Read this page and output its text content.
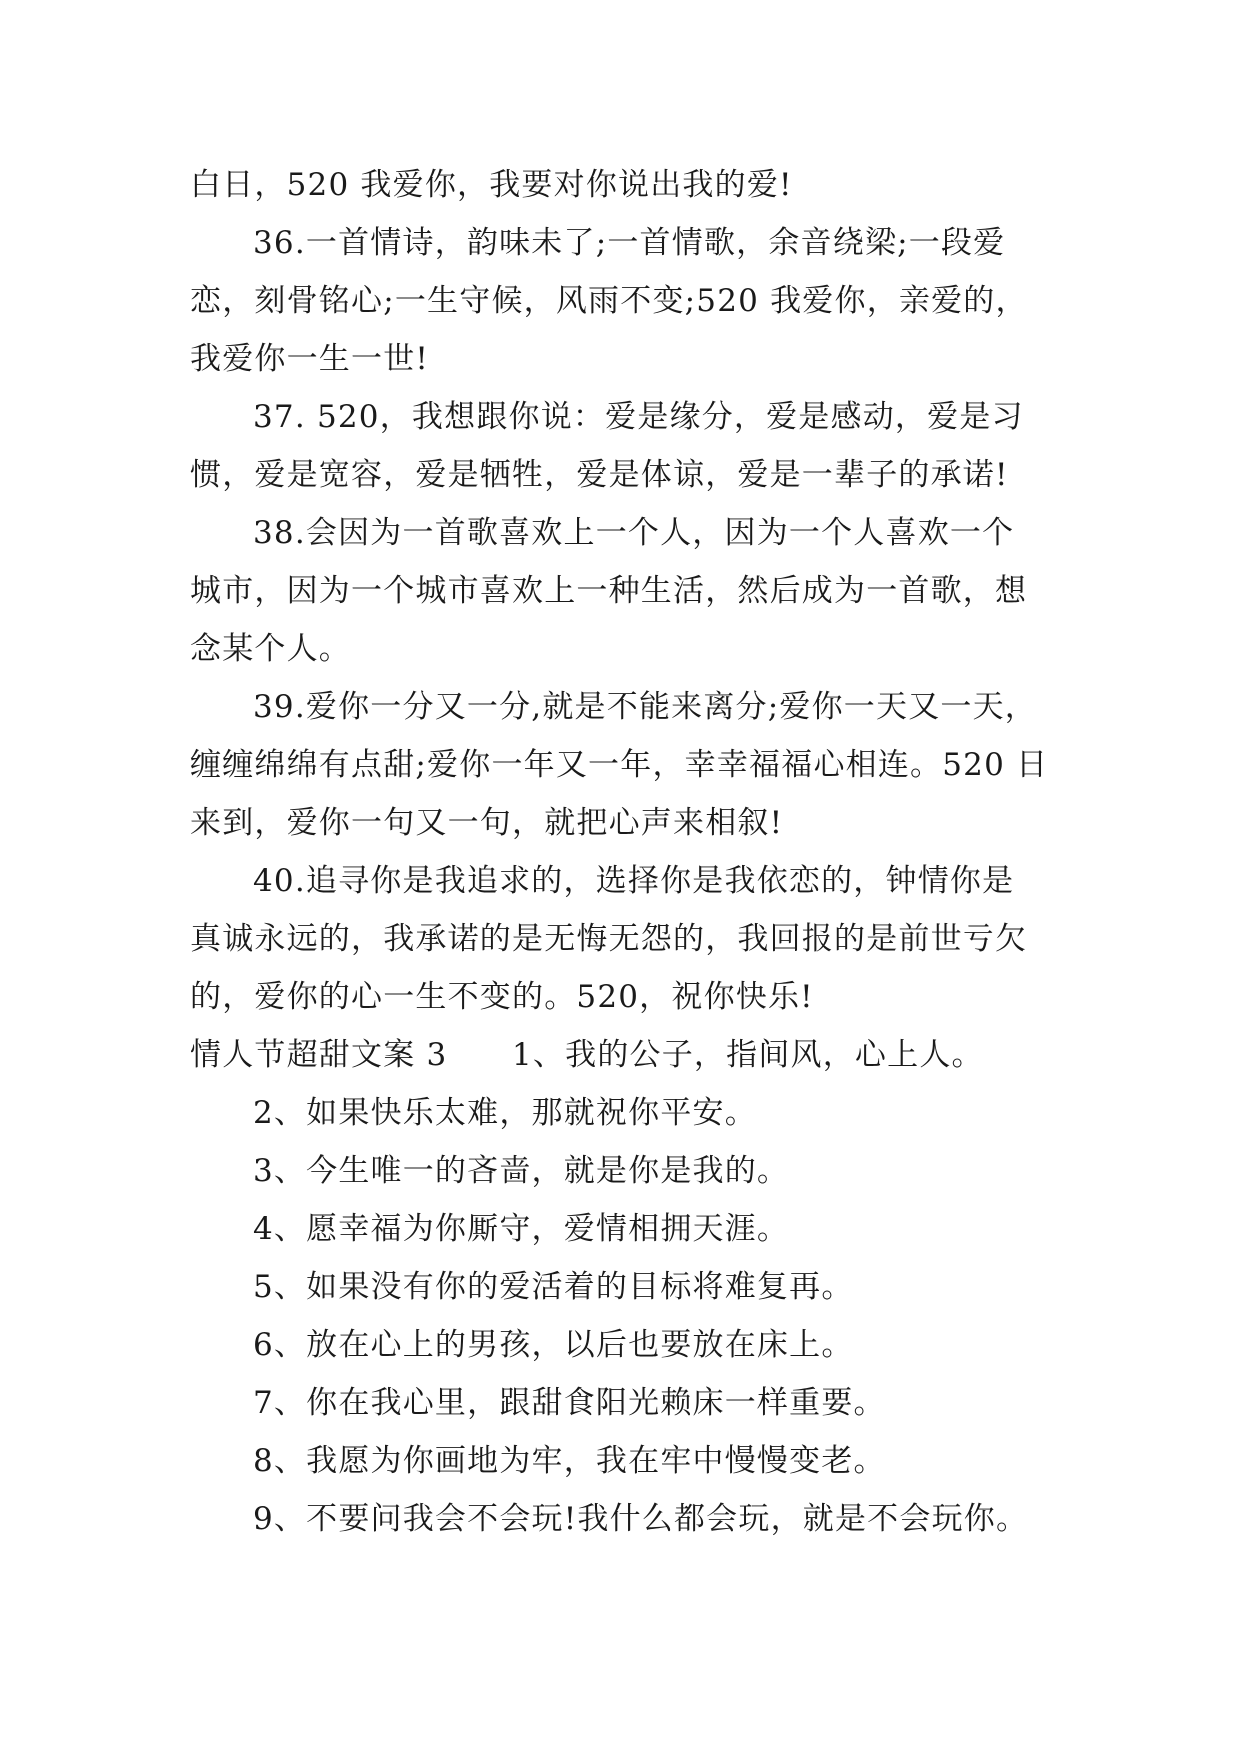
白日，520 我爱你，我要对你说出我的爱!
36.一首情诗，韵味未了;一首情歌，余音绕梁;一段爱
恋，刻骨铭心;一生守候，风雨不变;520 我爱你，亲爱的，
我爱你一生一世!
37. 520，我想跟你说：爱是缘分，爱是感动，爱是习
惯，爱是宽容，爱是牺牲，爱是体谅，爱是一辈子的承诺!
38.会因为一首歌喜欢上一个人，因为一个人喜欢一个
城市，因为一个城市喜欢上一种生活，然后成为一首歌，想
念某个人。
39.爱你一分又一分,就是不能来离分;爱你一天又一天，
缠缠绵绵有点甜;爱你一年又一年，幸幸福福心相连。520 日
来到，爱你一句又一句，就把心声来相叙!
40.追寻你是我追求的，选择你是我依恋的，钟情你是
真诚永远的，我承诺的是无悔无怨的，我回报的是前世亏欠
的，爱你的心一生不变的。520，祝你快乐!
情人节超甜文案 3	1、我的公子，指间风，心上人。
2、如果快乐太难，那就祝你平安。
3、今生唯一的吝啬，就是你是我的。
4、愿幸福为你厮守，爱情相拥天涯。
5、如果没有你的爱活着的目标将难复再。
6、放在心上的男孩，以后也要放在床上。
7、你在我心里，跟甜食阳光赖床一样重要。
8、我愿为你画地为牢，我在牢中慢慢变老。
9、不要问我会不会玩!我什么都会玩，就是不会玩你。
